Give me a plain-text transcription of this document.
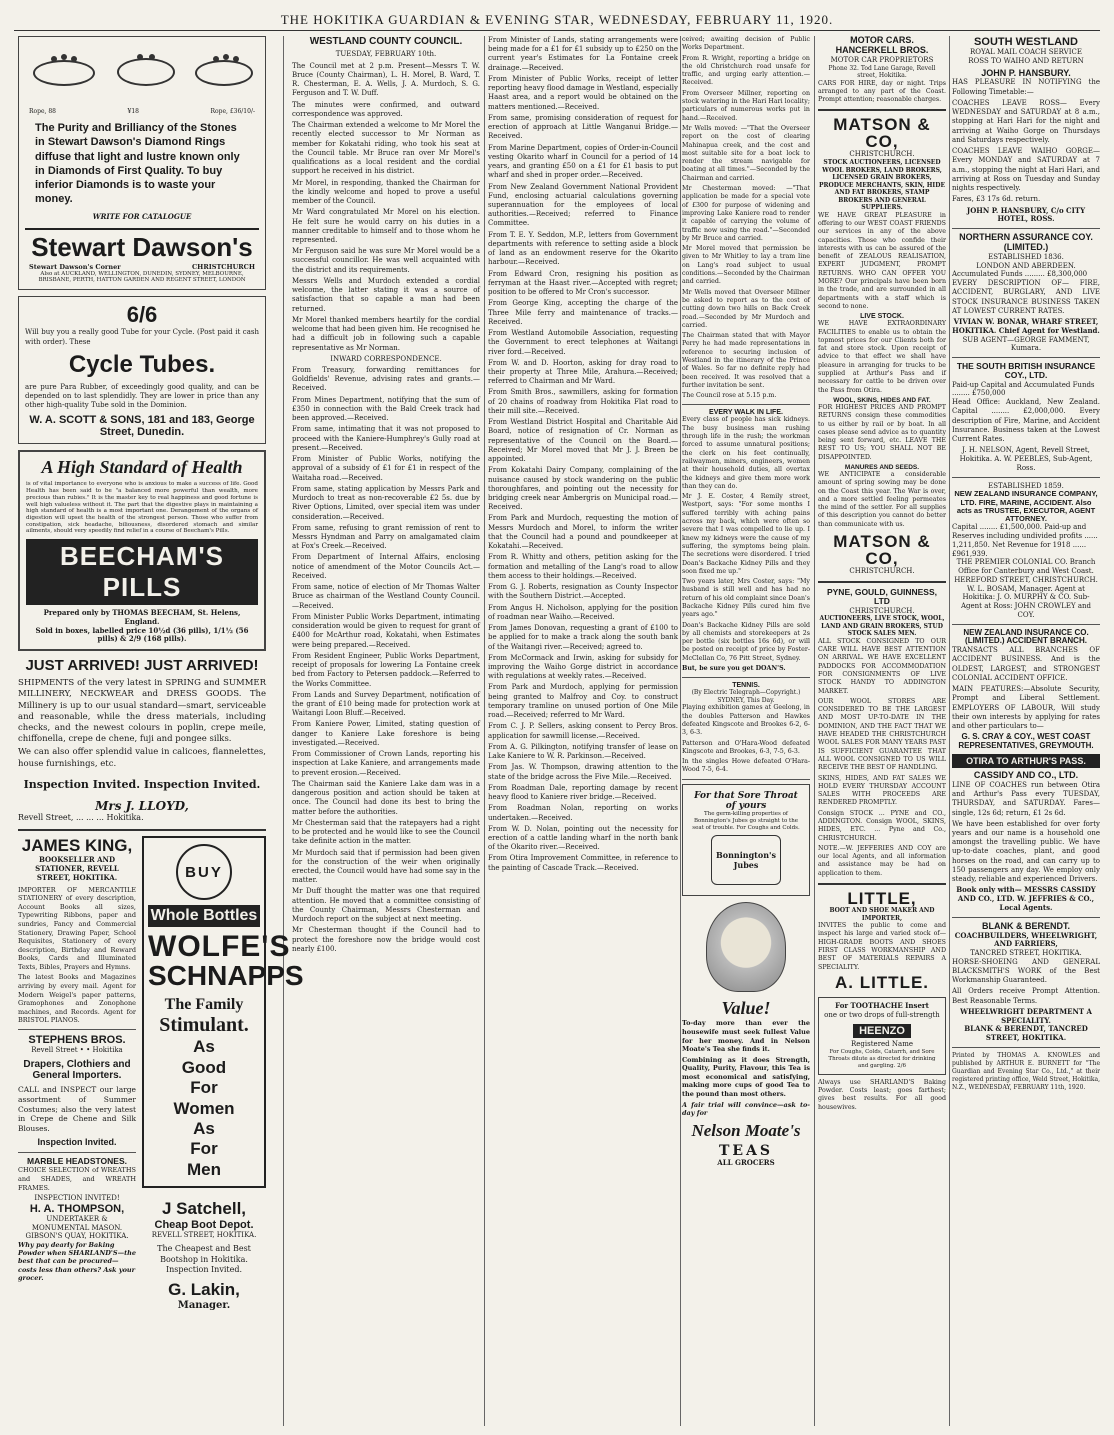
THE HOKITIKA GUARDIAN & EVENING STAR, WEDNESDAY, FEBRUARY 11, 1920.
Rope, 88	¥18	Rope, £36/10/-
The Purity and Brilliancy of the Stones in Stewart Dawson's Diamond Rings diffuse that light and lustre known only in Diamonds of First Quality. To buy inferior Diamonds is to waste your money.
WRITE FOR CATALOGUE
Stewart Dawson's
Stewart Dawson's Corner	CHRISTCHURCH
Also at AUCKLAND, WELLINGTON, DUNEDIN, SYDNEY, MELBOURNE, BRISBANE, PERTH, HATTON GARDEN AND REGENT STREET, LONDON
6/6
Will buy you a really good Tube for your Cycle. (Post paid it cash with order). These
Cycle Tubes.
are pure Para Rubber, of exceedingly good quality, and can be depended on to last splendidly. They are lower in price than any other high-quality Tube sold in the Dominion.
W. A. SCOTT & SONS, 181 and 183, George Street, Dunedin.
A High Standard of Health
is of vital importance to everyone who is anxious to make a success of life. Good Health has been said to be "a balanced more powerful than wealth, more precious than rubies." It is the master key to real happiness and good fortune is well high valueless without it. The part that the digestive plays in maintaining a high standard of health is a most important one. Derangement of the organs of digestion will upset the health of the strongest person. Those who suffer from constipation, sick headache, biliousness, disordered stomach and similar ailments, should very speedily find relief in a course of Beecham's Pills.
BEECHAM'S PILLS
Prepared only by THOMAS BEECHAM, St. Helens, England.
Sold in boxes, labelled price 10½d (36 pills), 1/1½ (56 pills) & 2/9 (168 pills).
JUST ARRIVED! JUST ARRIVED!
SHIPMENTS of the very latest in SPRING and SUMMER MILLINERY, NECKWEAR and DRESS GOODS. The Millinery is up to our usual standard—smart, serviceable and reasonable, while the dress materials, including checks, and the newest colours in poplin, crepe meile, chiffonella, crepe de chene, fuji and pongee silks.
We can also offer splendid value in calicoes, flannelettes, house furnishings, etc.
Inspection Invited. Inspection Invited.
Mrs J. LLOYD,
Revell Street, ... ... ... Hokitika.
JAMES KING,
BOOKSELLER AND STATIONER, REVELL STREET, HOKITIKA.
IMPORTER OF MERCANTILE STATIONERY of every description, Account Books all sizes, Typewriting Ribbons, paper and sundries, Fancy and Commercial Stationery, Drawing Paper, School Requisites, Stationery of every description, Birthday and Reward Books, Cards and Illuminated Texts, Bibles, Prayers and Hymns.
The latest Books and Magazines arriving by every mail. Agent for Modern Weigel's paper patterns, Gramophones and Zonophone machines, and Records. Agent for BRISTOL PIANOS.
STEPHENS BROS.
Revell Street • • Hokitika
Drapers, Clothiers and General Importers.
CALL and INSPECT our large assortment of Summer Costumes; also the very latest in Crepe de Chene and Silk Blouses.
Inspection Invited.
MARBLE HEADSTONES.
CHOICE SELECTION of WREATHS and SHADES, and WREATH FRAMES.
INSPECTION INVITED!
H. A. THOMPSON,
UNDERTAKER & MONUMENTAL MASON.
GIBSON'S QUAY, HOKITIKA.
Why pay dearly for Baking Powder when SHARLAND'S—the best that can be procured—costs less than others? Ask your grocer.
BUY
Whole Bottles
WOLFE'S
SCHNAPPS
The Family
Stimulant.
As
Good
For
Women
As
For
Men
J Satchell,
Cheap Boot Depot.
REVELL STREET, HOKITIKA.
The Cheapest and Best Bootshop in Hokitika. Inspection Invited.
G. Lakin,
Manager.
WESTLAND COUNTY COUNCIL.
TUESDAY, FEBRUARY 10th.
The Council met at 2 p.m. Present—Messrs T. W. Bruce (County Chairman), L. H. Morel, B. Ward, T. R. Chesterman, E. A. Wells, J. A. Murdoch, S. G. Ferguson and T. W. Duff.
The minutes were confirmed, and outward correspondence was approved.
The Chairman extended a welcome to Mr Morel the recently elected successor to Mr Norman as member for Kokatahi riding, who took his seat at the Council table. Mr Bruce ran over Mr Morel's qualifications as a local resident and the cordial support he received in his district.
Mr Morel, in responding, thanked the Chairman for the kindly welcome and hoped to prove a useful member of the Council.
Mr Ward congratulated Mr Morel on his election. He felt sure he would carry on his duties in a manner creditable to himself and to those whom he represented.
Mr Ferguson said he was sure Mr Morel would be a successful councillor. He was well acquainted with the district and its requirements.
Messrs Wells and Murdoch extended a cordial welcome, the latter stating it was a source of satisfaction that so capable a man had been returned.
Mr Morel thanked members heartily for the cordial welcome that had been given him. He recognised he had a difficult job in following such a capable representative as Mr Norman.
INWARD CORRESPONDENCE.
From Treasury, forwarding remittances for Goldfields' Revenue, advising rates and grants.—Received.
From Mines Department, notifying that the sum of £350 in connection with the Bald Creek track had been approved.—Received.
From same, intimating that it was not proposed to proceed with the Kaniere-Humphrey's Gully road at present.—Received.
From Minister of Public Works, notifying the approval of a subsidy of £1 for £1 in respect of the Waitaha road.—Received.
From same, stating application by Messrs Park and Murdoch to treat as non-recoverable £2 5s. due by River Options, Limited, over special item was under consideration.—Received.
From same, refusing to grant remission of rent to Messrs Hyndman and Parry on amalgamated claim at Fox's Creek.—Received.
From Department of Internal Affairs, enclosing notice of amendment of the Motor Councils Act.—Received.
From same, notice of election of Mr Thomas Walter Bruce as chairman of the Westland County Council.—Received.
From Minister Public Works Department, intimating consideration would be given to request for grant of £400 for McArthur road, Kokatahi, when Estimates were being prepared.—Received.
From Resident Engineer, Public Works Department, receipt of proposals for lowering La Fontaine creek bed from Factory to Petersen paddock.—Referred to the Works Committee.
From Lands and Survey Department, notification of the grant of £10 being made for protection work at Waitangi Loon Bluff.—Received.
From Kaniere Power, Limited, stating question of danger to Kaniere Lake foreshore is being investigated.—Received.
From Commissioner of Crown Lands, reporting his inspection at Lake Kaniere, and arrangements made to prevent erosion.—Received.
The Chairman said the Kaniere Lake dam was in a dangerous position and action should be taken at once. The Council had done its best to bring the matter before the authorities.
Mr Chesterman said that the ratepayers had a right to be protected and he would like to see the Council take definite action in the matter.
Mr Murdoch said that if permission had been given for the construction of the weir when originally erected, the Council would have had some say in the matter.
Mr Duff thought the matter was one that required attention. He moved that a committee consisting of the County Chairman, Messrs Chesterman and Murdoch report on the subject at next meeting.
Mr Chesterman thought if the Council had to protect the foreshore now the bridge would cost nearly £100.
From Minister of Lands, stating arrangements were being made for a £1 for £1 subsidy up to £250 on the current year's Estimates for La Fontaine creek drainage.—Received.
From Minister of Public Works, receipt of letter reporting heavy flood damage in Westland, especially Haast area, and a report would be obtained on the matters mentioned.—Received.
From same, promising consideration of request for erection of approach at Little Wanganui Bridge.—Received.
From Marine Department, copies of Order-in-Council vesting Okarito wharf in Council for a period of 14 years, and granting £50 on a £1 for £1 basis to put wharf and shed in proper order.—Received.
From New Zealand Government National Provident Fund, enclosing actuarial calculations governing superannuation for the employees of local authorities.—Received; referred to Finance Committee.
From T. E. Y. Seddon, M.P., letters from Government departments with reference to setting aside a block of land as an endowment reserve for the Okarito harbour.—Received.
From Edward Cron, resigning his position as ferryman at the Haast river.—Accepted with regret; position to be offered to Mr Cron's successor.
From George King, accepting the charge of the Three Mile ferry and maintenance of tracks.—Received.
From Westland Automobile Association, requesting the Government to erect telephones at Waitangi river ford.—Received.
From W. and D. Hoorton, asking for dray road to their property at Three Mile, Arahura.—Received; referred to Chairman and Mr Ward.
From Smith Bros., sawmillers, asking for formation of 20 chains of roadway from Hokitika Flat road to their mill site.—Received.
From Westland District Hospital and Charitable Aid Board, notice of resignation of Cr. Norman as representative of the Council on the Board.—Received; Mr Morel moved that Mr J. J. Breen be appointed.
From Kokatahi Dairy Company, complaining of the nuisance caused by stock wandering on the public thoroughfares, and pointing out the necessity for bridging creek near Ambergris on Municipal road.—Received.
From Park and Murdoch, requesting the motion of Messrs Murdoch and Morel, to inform the writer that the Council had a pound and poundkeeper at Kokatahi.—Received.
From R. Whitty and others, petition asking for the formation and metalling of the Lang's road to allow them access to their holdings.—Received.
From G. J. Roberts, resignation as County Inspector with the Southern District.—Accepted.
From Angus H. Nicholson, applying for the position of roadman near Waiho.—Received.
From James Donovan, requesting a grant of £100 to be applied for to make a track along the south bank of the Waitangi river.—Received; agreed to.
From McCormack and Irwin, asking for subsidy for improving the Waiho Gorge district in accordance with regulations at weekly rates.—Received.
From Park and Murdoch, applying for permission being granted to Malfroy and Coy. to construct temporary tramline on unused portion of One Mile road.—Received; referred to Mr Ward.
From C. J. P. Sellers, asking consent to Percy Bros. application for sawmill license.—Received.
From A. G. Pilkington, notifying transfer of lease on Lake Kaniere to W. R. Parkinson.—Received.
From Jas. W. Thompson, drawing attention to the state of the bridge across the Five Mile.—Received.
From Roadman Dale, reporting damage by recent heavy flood to Kaniere river bridge.—Received.
From Roadman Nolan, reporting on works undertaken.—Received.
From W. D. Nolan, pointing out the necessity for erection of a cattle landing wharf in the north bank of the Okarito river.—Received.
From Otira Improvement Committee, in reference to the painting of Cascade Track.—Received.
ceived; awaiting decision of Public Works Department.
From R. Wright, reporting a bridge on the old Christchurch road unsafe for traffic, and urging early attention.—Received.
From Overseer Millner, reporting on stock watering in the Hari Hari locality; particulars of numerous works put in hand.—Received.
Mr Wells moved: —"That the Overseer report on the cost of clearing Mahinapua creek, and the cost and most suitable site for a boat lock to render the stream navigable for boating at all times."—Seconded by the Chairman and carried.
Mr Chesterman moved: —"That application be made for a special vote of £300 for purpose of widening and improving Lake Kaniere road to render it capable of carrying the volume of traffic now using the road."—Seconded by Mr Bruce and carried.
Mr Morel moved that permission be given to Mr Whitley to lay a tram line on Lang's road subject to usual conditions.—Seconded by the Chairman and carried.
Mr Wells moved that Overseer Millner be asked to report as to the cost of cutting down two hills on Back Creek road.—Seconded by Mr Murdoch and carried.
The Chairman stated that with Mayor Perry he had made representations in reference to securing inclusion of Westland in the itinerary of the Prince of Wales. So far no definite reply had been received. It was resolved that a further invitation be sent.
The Council rose at 5.15 p.m.
EVERY WALK IN LIFE.
Every class of people has sick kidneys. The busy business man rushing through life in the rush; the workman forced to assume unnatural positions; the clerk on his feet continually, railwaymen, miners, engineers, women at their household duties, all overtax the kidneys and give them more work than they can do.
Mr J. E. Coster, 4 Remily street, Westport, says: "For some months I suffered terribly with aching pains across my back, which were often so severe that I was compelled to lie up. I knew my kidneys were the cause of my suffering, the symptoms being plain. The secretions were disordered. I tried Doan's Backache Kidney Pills and they soon fixed me up."
Two years later, Mrs Coster, says: "My husband is still well and has had no return of his old complaint since Doan's Backache Kidney Pills cured him five years ago."
Doan's Backache Kidney Pills are sold by all chemists and storekeepers at 2s per bottle (six bottles 16s 6d), or will be posted on receipt of price by Foster-McClellan Co, 76 Pitt Street, Sydney.
But, be sure you get DOAN'S.
TENNIS.
(By Electric Telegraph—Copyright.)
SYDNEY, This Day.
Playing exhibition games at Geelong, in the doubles Patterson and Hawkes defeated Kingscote and Brookes 6-2, 6-3, 6-3.
Patterson and O'Hara-Wood defeated Kingscote and Brookes, 6-3, 7-5, 6-3.
In the singles Howe defeated O'Hara-Wood 7-5, 6-4.
For that Sore Throat of yours
The germ-killing properties of Bonnington's Jubes go straight to the seat of trouble. For Coughs and Colds.
Bonnington's Jubes
Value!
To-day more than ever the housewife must seek fullest Value for her money. And in Nelson Moate's Tea she finds it.
Combining as it does Strength, Quality, Purity, Flavour, this Tea is most economical and satisfying, making more cups of good Tea to the pound than most others.
A fair trial will convince—ask to-day for
Nelson Moate's
TEAS
ALL GROCERS
MOTOR CARS.
HANCERKELL BROS.
MOTOR CAR PROPRIETORS
Phone 32. Tod Lane Garage, Revell street, Hokitika.
CARS FOR HIRE, day or night. Trips arranged to any part of the Coast. Prompt attention; reasonable charges.
MATSON & CO,
CHRISTCHURCH.
STOCK AUCTIONEERS, LICENSED WOOL BROKERS, LAND BROKERS, LICENSED GRAIN BROKERS, PRODUCE MERCHANTS, SKIN, HIDE AND FAT BROKERS, STAMP BROKERS AND GENERAL SUPPLIERS.
WE HAVE GREAT PLEASURE in offering to our WEST COAST FRIENDS our services in any of the above capacities. Those who confide their interests with us can be assured of the benefit of ZEALOUS REALISATION, EXPERT JUDGMENT, PROMPT RETURNS. WHO CAN OFFER YOU MORE? Our principals have been born in the trade, and are surrounded in all departments with a staff which is second to none.
LIVE STOCK.
WE HAVE EXTRAORDINARY FACILITIES to enable us to obtain the topmost prices for our Clients both for fat and store stock. Upon receipt of advice to that effect we shall have pleasure in arranging for trucks to be supplied at Arthur's Pass and if necessary for cattle to be driven over the Pass from Otira.
WOOL, SKINS, HIDES AND FAT.
FOR HIGHEST PRICES AND PROMPT RETURNS consign these commodities to us either by rail or by boat. In all cases please send advice as to quantity being sent forward, etc. LEAVE THE REST TO US; YOU SHALL NOT BE DISAPPOINTED.
MANURES AND SEEDS.
WE ANTICIPATE a considerable amount of spring sowing may be done on the Coast this year. The War is over, and a more settled feeling permeates the mind of the settler. For all supplies of this description you cannot do better than communicate with us.
MATSON & CO,
CHRISTCHURCH.
PYNE, GOULD, GUINNESS, LTD
CHRISTCHURCH.
AUCTIONEERS, LIVE STOCK, WOOL, LAND AND GRAIN BROKERS, STUD STOCK SALES MEN.
ALL STOCK CONSIGNED TO OUR CARE WILL HAVE BEST ATTENTION ON ARRIVAL. WE HAVE EXCELLENT PADDOCKS FOR ACCOMMODATION FOR CONSIGNMENTS OF LIVE STOCK HANDY TO ADDINGTON MARKET.
OUR WOOL STORES ARE CONSIDERED TO BE THE LARGEST AND MOST UP-TO-DATE IN THE DOMINION, AND THE FACT THAT WE HAVE HEADED THE CHRISTCHURCH WOOL SALES FOR MANY YEARS PAST IS SUFFICIENT GUARANTEE THAT ALL WOOL CONSIGNED TO US WILL RECEIVE THE BEST OF HANDLING.
SKINS, HIDES, AND FAT SALES WE HOLD EVERY THURSDAY ACCOUNT SALES WITH PROCEEDS ARE RENDERED PROMPTLY.
Consign STOCK ... PYNE and CO., ADDINGTON. Consign WOOL, SKINS, HIDES, ETC. ... Pyne and Co., CHRISTCHURCH.
NOTE.—W. JEFFERIES AND COY are our local Agents, and all information and assistance may be had on application to them.
LITTLE,
BOOT AND SHOE MAKER AND IMPORTER,
INVITES the public to come and inspect his large and varied stock of— HIGH-GRADE BOOTS AND SHOES FIRST CLASS WORKMANSHIP AND BEST OF MATERIALS REPAIRS A SPECIALITY.
A. LITTLE.
For TOOTHACHE Insert
one or two drops of full-strength
HEENZO
Registered Name
For Coughs, Colds, Catarrh, and Sore Throats dilute as directed for drinking and gargling. 2/6
Always use SHARLAND'S Baking Powder. Costs least; goes farthest; gives best results. For all good housewives.
SOUTH WESTLAND
ROYAL MAIL COACH SERVICE
ROSS TO WAIHO AND RETURN
JOHN P. HANSBURY.
HAS PLEASURE IN NOTIFYING the Following Timetable:—
COACHES LEAVE ROSS— Every WEDNESDAY and SATURDAY at 8 a.m., stopping at Hari Hari for the night and arriving at Waiho Gorge on Thursdays and Saturdays respectively.
COACHES LEAVE WAIHO GORGE— Every MONDAY and SATURDAY at 7 a.m., stopping the night at Hari Hari, and arriving at Ross on Tuesday and Sunday nights respectively.
Fares, £3 17s 6d. return.
JOHN P. HANSBURY, C/o CITY HOTEL, ROSS.
NORTHERN ASSURANCE COY. (LIMITED.)
ESTABLISHED 1836.
LONDON AND ABERDEEN.
Accumulated Funds ......... £8,300,000
EVERY DESCRIPTION OF— FIRE, ACCIDENT, BURGLARY, AND LIVE STOCK INSURANCE BUSINESS TAKEN AT LOWEST CURRENT RATES.
VIVIAN W. BONAR, WHARF STREET, HOKITIKA. Chief Agent for Westland.
SUB AGENT—GEORGE FAMMENT, Kumara.
THE SOUTH BRITISH INSURANCE COY., LTD.
Paid-up Capital and Accumulated Funds ........ £750,000
Head Office: Auckland, New Zealand. Capital ........ £2,000,000. Every description of Fire, Marine, and Accident Insurance. Business taken at the Lowest Current Rates.
J. H. NELSON, Agent, Revell Street, Hokitika. A. W. PEEBLES, Sub-Agent, Ross.
ESTABLISHED 1859.
NEW ZEALAND INSURANCE COMPANY, LTD. FIRE, MARINE, ACCIDENT. Also acts as TRUSTEE, EXECUTOR, AGENT ATTORNEY.
Capital ........ £1,500,000. Paid-up and Reserves including undivided profits ...... 1,211,850. Net Revenue for 1918 ...... £961,939.
THE PREMIER COLONIAL CO. Branch Office for Canterbury and West Coast. HEREFORD STREET, CHRISTCHURCH. W. L. BOSAM, Manager. Agent at Hokitika: J. O. MURPHY & CO. Sub-Agent at Ross: JOHN CROWLEY and COY.
NEW ZEALAND INSURANCE CO. (LIMITED.) ACCIDENT BRANCH.
TRANSACTS ALL BRANCHES OF ACCIDENT BUSINESS. And is the OLDEST, LARGEST, and STRONGEST COLONIAL ACCIDENT OFFICE.
MAIN FEATURES:—Absolute Security, Prompt and Liberal Settlement. EMPLOYERS OF LABOUR, Will study their own interests by applying for rates and other particulars to—
G. S. CRAY & COY., WEST COAST REPRESENTATIVES, GREYMOUTH.
OTIRA TO ARTHUR'S PASS.
CASSIDY AND CO., LTD.
LINE OF COACHES run between Otira and Arthur's Pass every TUESDAY, THURSDAY, and SATURDAY. Fares—single, 12s 6d; return, £1 2s 6d.
We have been established for over forty years and our name is a household one amongst the travelling public. We have up-to-date coaches, plant, and good horses on the road, and can carry up to 150 passengers any day. We employ only steady, reliable and experienced Drivers.
Book only with— MESSRS CASSIDY AND CO., LTD. W. JEFFRIES & CO., Local Agents.
BLANK & BERENDT.
COACHBUILDERS, WHEELWRIGHT, AND FARRIERS,
TANCRED STREET, HOKITIKA.
HORSE-SHOEING AND GENERAL BLACKSMITH'S WORK of the Best Workmanship Guaranteed.
All Orders receive Prompt Attention. Best Reasonable Terms.
WHEELWRIGHT DEPARTMENT A SPECIALITY.
BLANK & BERENDT, TANCRED STREET, HOKITIKA.
Printed by THOMAS A. KNOWLES and published by ARTHUR E. BURNETT for "The Guardian and Evening Star Co., Ltd.," at their registered printing office, Weld Street, Hokitika, N.Z., WEDNESDAY, FEBRUARY 11th, 1920.
